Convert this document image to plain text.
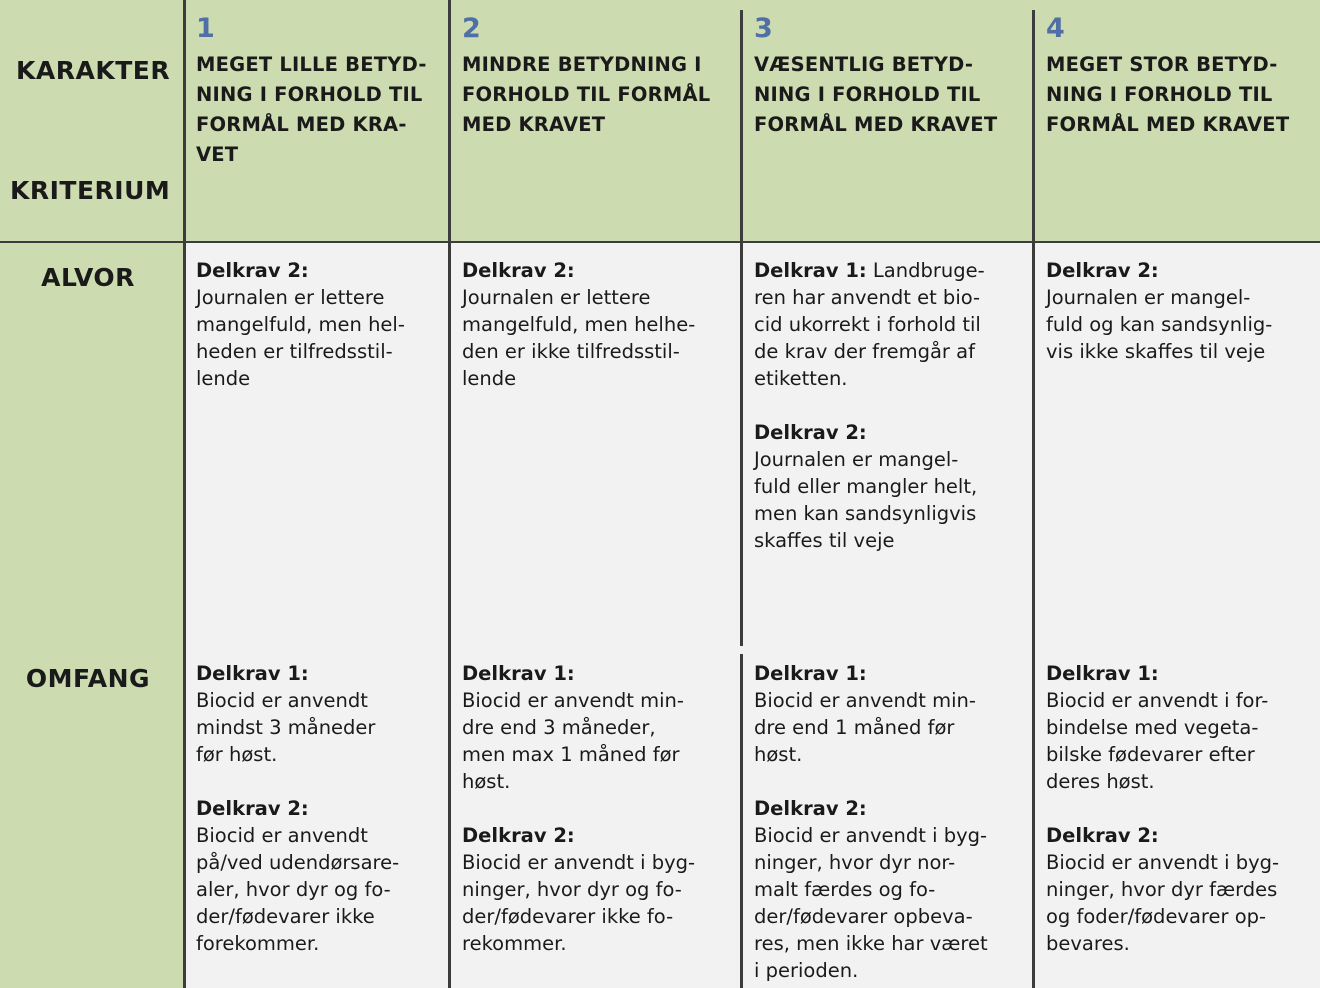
KARAKTER
KRITERIUM
1
MEGET LILLE BETYD-
NING I FORHOLD TIL
FORMÅL MED KRA-
VET
2
MINDRE BETYDNING I
FORHOLD TIL FORMÅL
MED KRAVET
3
VÆSENTLIG BETYD-
NING I FORHOLD TIL
FORMÅL MED KRAVET
4
MEGET STOR BETYD-
NING I FORHOLD TIL
FORMÅL MED KRAVET
ALVOR	Delkrav 2:
Journalen er lettere
mangelfuld, men hel-
heden er tilfredsstil-
lende
Delkrav 2:
Journalen er lettere
mangelfuld, men helhe-
den er ikke tilfredsstil-
lende
Delkrav 1: Landbruge-
ren har anvendt et bio-
cid ukorrekt i forhold til
de krav der fremgår af
etiketten.
Delkrav 2:
Journalen er mangel-
fuld eller mangler helt,
men kan sandsynligvis
skaffes til veje
Delkrav 2:
Journalen er mangel-
fuld og kan sandsynlig-
vis ikke skaffes til veje
OMFANG	Delkrav 1:
Biocid er anvendt
mindst 3 måneder
før høst.
Delkrav 2:
Biocid er anvendt
på/ved udendørsare-
aler, hvor dyr og fo-
der/fødevarer ikke
forekommer.
Delkrav 1:
Biocid er anvendt min-
dre end 3 måneder,
men max 1 måned før
høst.
Delkrav 2:
Biocid er anvendt i byg-
ninger, hvor dyr og fo-
der/fødevarer ikke fo-
rekommer.
Delkrav 1:
Biocid er anvendt min-
dre end 1 måned før
høst.
Delkrav 2:
Biocid er anvendt i byg-
ninger, hvor dyr nor-
malt færdes og fo-
der/fødevarer opbeva-
res, men ikke har været
i perioden.
Delkrav 1:
Biocid er anvendt i for-
bindelse med vegeta-
bilske fødevarer efter
deres høst.
Delkrav 2:
Biocid er anvendt i byg-
ninger, hvor dyr færdes
og foder/fødevarer op-
bevares.
